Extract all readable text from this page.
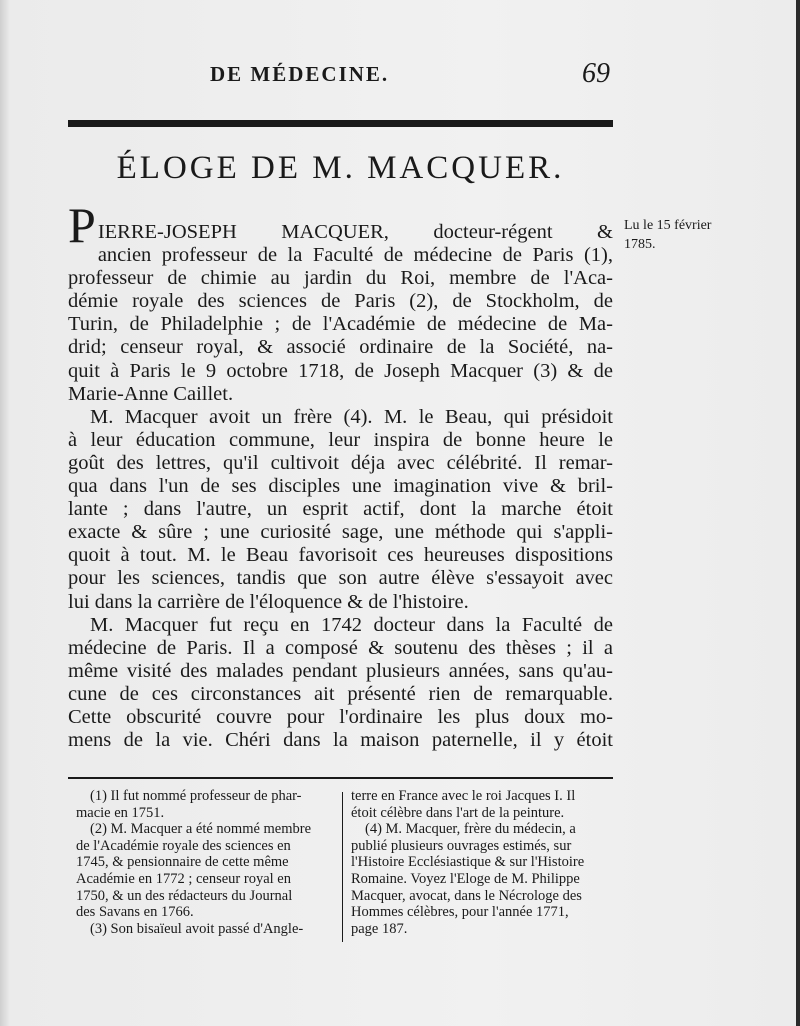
DE MÉDECINE.	69
ÉLOGE DE M. MACQUER.
Lu le 15 février
1785.
P IERRE-JOSEPH MACQUER, docteur-régent &
ancien professeur de la Faculté de médecine de Paris (1),
professeur de chimie au jardin du Roi, membre de l'Aca-
démie royale des sciences de Paris (2), de Stockholm, de
Turin, de Philadelphie ; de l'Académie de médecine de Ma-
drid; censeur royal, & associé ordinaire de la Société, na-
quit à Paris le 9 octobre 1718, de Joseph Macquer (3) & de
Marie-Anne Caillet.
M. Macquer avoit un frère (4). M. le Beau, qui présidoit
à leur éducation commune, leur inspira de bonne heure le
goût des lettres, qu'il cultivoit déja avec célébrité. Il remar-
qua dans l'un de ses disciples une imagination vive & bril-
lante ; dans l'autre, un esprit actif, dont la marche étoit
exacte & sûre ; une curiosité sage, une méthode qui s'appli-
quoit à tout. M. le Beau favorisoit ces heureuses dispositions
pour les sciences, tandis que son autre élève s'essayoit avec
lui dans la carrière de l'éloquence & de l'histoire.
M. Macquer fut reçu en 1742 docteur dans la Faculté de
médecine de Paris. Il a composé & soutenu des thèses ; il a
même visité des malades pendant plusieurs années, sans qu'au-
cune de ces circonstances ait présenté rien de remarquable.
Cette obscurité couvre pour l'ordinaire les plus doux mo-
mens de la vie. Chéri dans la maison paternelle, il y étoit
(1) Il fut nommé professeur de phar-
macie en 1751.
(2) M. Macquer a été nommé membre
de l'Académie royale des sciences en
1745, & pensionnaire de cette même
Académie en 1772 ; censeur royal en
1750, & un des rédacteurs du Journal
des Savans en 1766.
(3) Son bisaïeul avoit passé d'Angle-
terre en France avec le roi Jacques I. Il
étoit célèbre dans l'art de la peinture.
(4) M. Macquer, frère du médecin, a
publié plusieurs ouvrages estimés, sur
l'Histoire Ecclésiastique & sur l'Histoire
Romaine. Voyez l'Eloge de M. Philippe
Macquer, avocat, dans le Nécrologe des
Hommes célèbres, pour l'année 1771,
page 187.
